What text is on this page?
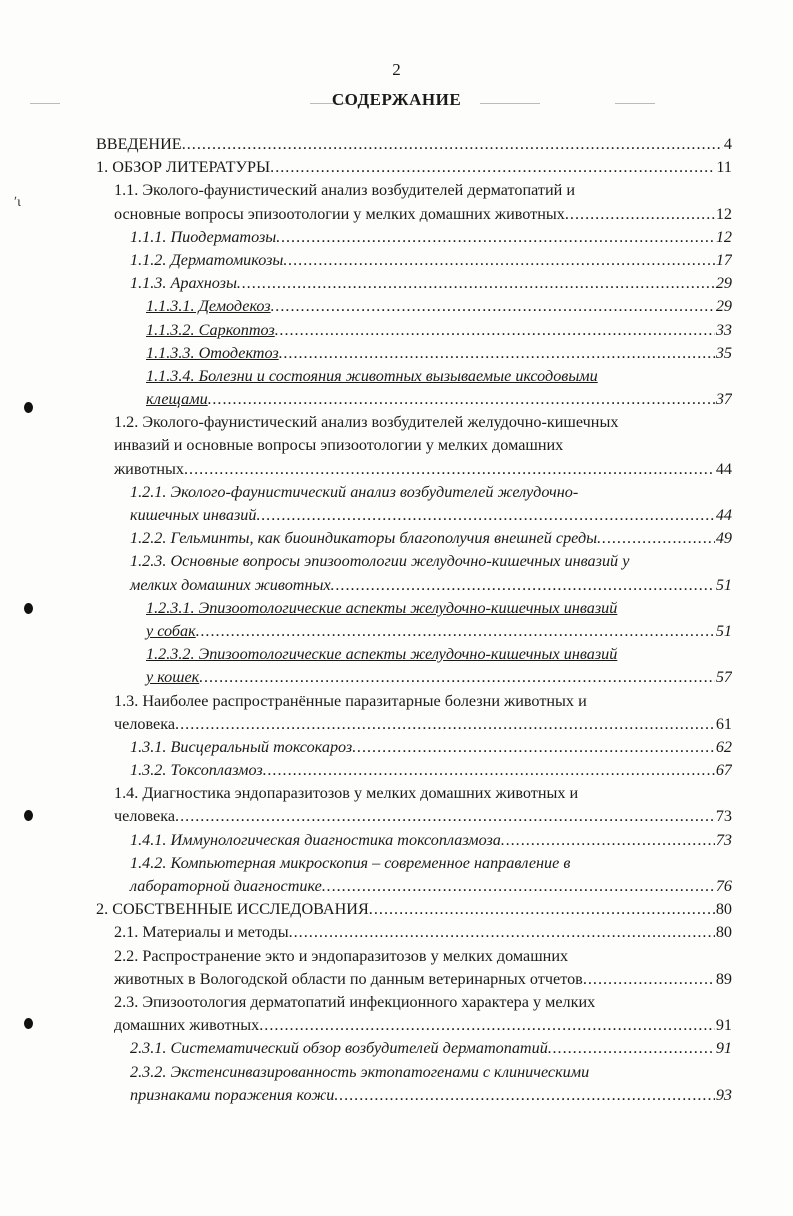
2
СОДЕРЖАНИЕ
ʹɩ
ВВЕДЕНИЕ .....	4
1. ОБЗОР ЛИТЕРАТУРЫ .....	11
1.1. Эколого-фаунистический анализ возбудителей дерматопатий и
основные вопросы эпизоотологии у мелких домашних животных .....	12
1.1.1. Пиодерматозы .....	12
1.1.2. Дерматомикозы .....	17
1.1.3. Арахнозы .....	29
1.1.3.1. Демодекоз .....	29
1.1.3.2. Саркоптоз .....	33
1.1.3.3. Отодектоз .....	35
1.1.3.4. Болезни и состояния животных вызываемые иксодовыми
клещами .....	37
1.2. Эколого-фаунистический анализ возбудителей желудочно-кишечных
инвазий и основные вопросы эпизоотологии у мелких домашних
животных .....	44
1.2.1. Эколого-фаунистический анализ возбудителей желудочно-
кишечных инвазий .....	44
1.2.2. Гельминты, как биоиндикаторы благополучия внешней среды .....	49
1.2.3. Основные вопросы эпизоотологии желудочно-кишечных инвазий у
мелких домашних животных .....	51
1.2.3.1. Эпизоотологические аспекты желудочно-кишечных инвазий
у собак .....	51
1.2.3.2. Эпизоотологические аспекты желудочно-кишечных инвазий
у кошек .....	57
1.3. Наиболее распространённые паразитарные болезни животных и
человека .....	61
1.3.1. Висцеральный токсокароз .....	62
1.3.2. Токсоплазмоз .....	67
1.4. Диагностика эндопаразитозов у мелких домашних животных и
человека .....	73
1.4.1. Иммунологическая диагностика токсоплазмоза .....	73
1.4.2. Компьютерная микроскопия – современное направление в
лабораторной диагностике .....	76
2. СОБСТВЕННЫЕ ИССЛЕДОВАНИЯ .....	80
2.1. Материалы и методы .....	80
2.2. Распространение экто и эндопаразитозов у мелких домашних
животных в Вологодской области по данным ветеринарных отчетов .....	89
2.3. Эпизоотология дерматопатий инфекционного характера у мелких
домашних животных .....	91
2.3.1. Систематический обзор возбудителей дерматопатий .....	91
2.3.2. Экстенсинвазированность эктопатогенами с клиническими
признаками поражения кожи .....	93
